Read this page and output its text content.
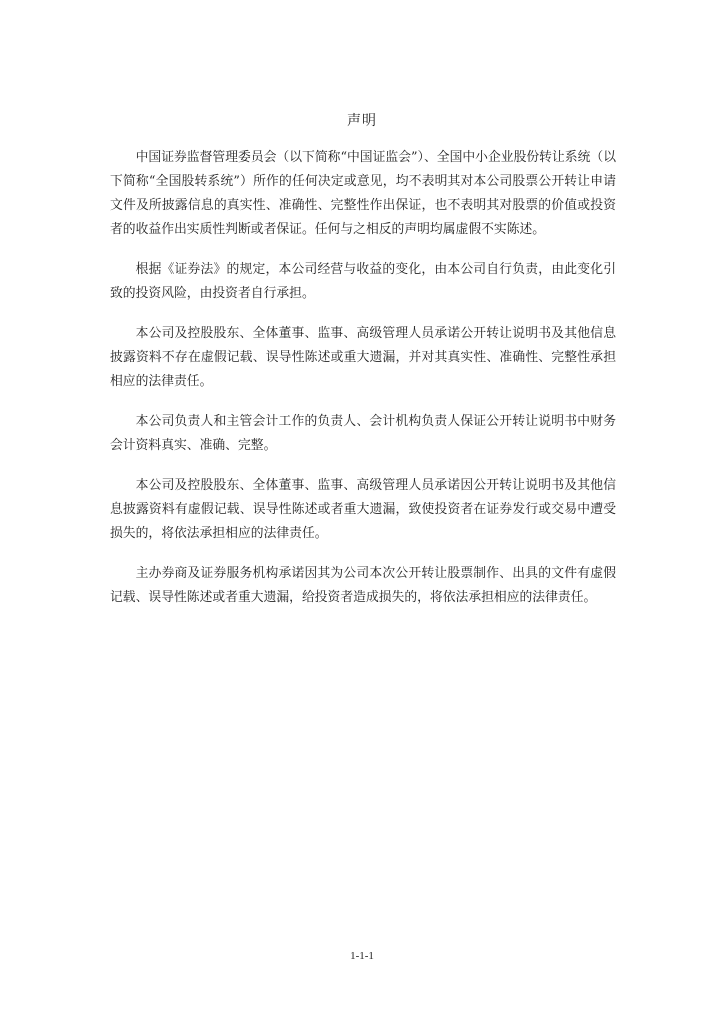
声明

中国证券监督管理委员会（以下简称“中国证监会”）、全国中小企业股份转让系统（以下简称“全国股转系统”）所作的任何决定或意见，均不表明其对本公司股票公开转让申请文件及所披露信息的真实性、准确性、完整性作出保证，也不表明其对股票的价值或投资者的收益作出实质性判断或者保证。任何与之相反的声明均属虚假不实陈述。

根据《证券法》的规定，本公司经营与收益的变化，由本公司自行负责，由此变化引致的投资风险，由投资者自行承担。

本公司及控股股东、全体董事、监事、高级管理人员承诺公开转让说明书及其他信息披露资料不存在虚假记载、误导性陈述或重大遗漏，并对其真实性、准确性、完整性承担相应的法律责任。

本公司负责人和主管会计工作的负责人、会计机构负责人保证公开转让说明书中财务会计资料真实、准确、完整。

本公司及控股股东、全体董事、监事、高级管理人员承诺因公开转让说明书及其他信息披露资料有虚假记载、误导性陈述或者重大遗漏，致使投资者在证券发行或交易中遭受损失的，将依法承担相应的法律责任。

主办券商及证券服务机构承诺因其为公司本次公开转让股票制作、出具的文件有虚假记载、误导性陈述或者重大遗漏，给投资者造成损失的，将依法承担相应的法律责任。

1-1-1
